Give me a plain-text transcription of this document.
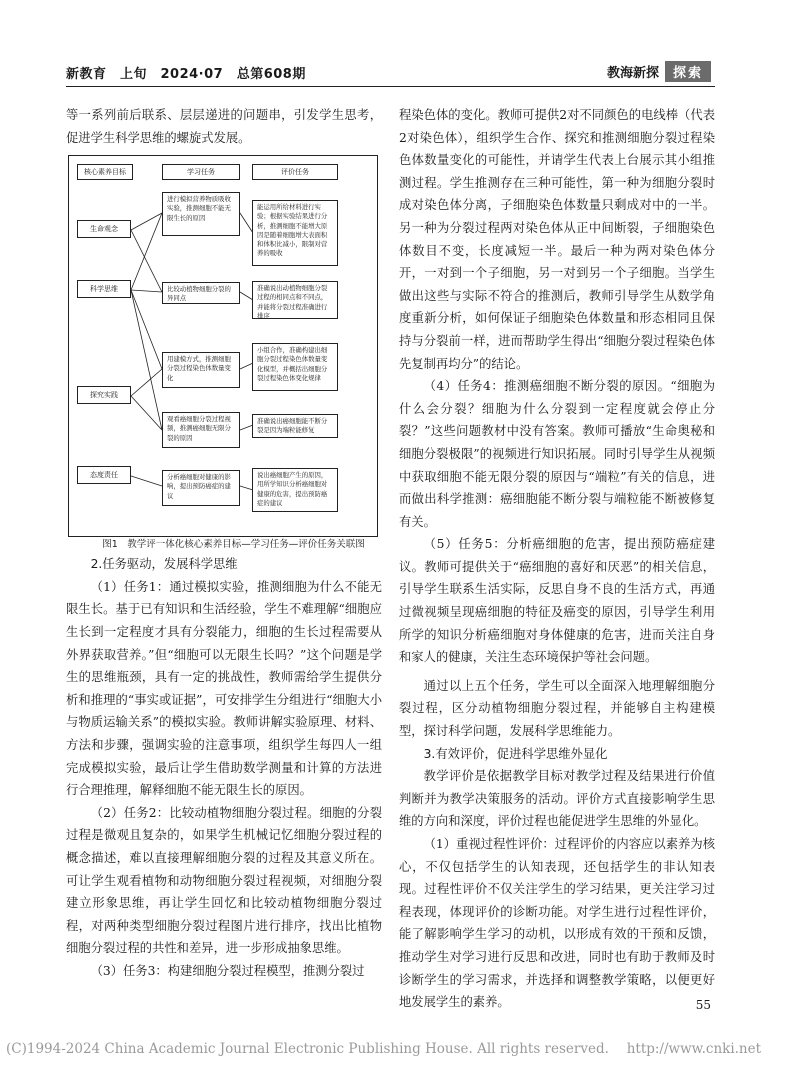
新教育　上旬　2024·07　总第608期	教海新探	探索

等一系列前后联系、层层递进的问题串，引发学生思考，促进学生科学思维的螺旋式发展。

核心素养目标	学习任务	评价任务
生命观念
科学思维
探究实践
态度责任
进行模拟营养物质吸收实验，推测细胞不能无限生长的原因
比较动植物细胞分裂的异同点
用建模方式，推测细胞分裂过程染色体数量变化
观看癌细胞分裂过程视频，推测癌细胞无限分裂的原因
分析癌细胞对健康的影响，提出预防癌症的建议
能运用所给材料进行实验；根据实验结果进行分析，推测细胞不能增大原因是随着细胞增大表面积和体积比减小，限制对营养的吸收
准确说出动植物细胞分裂过程的相同点和不同点，并能将分裂过程准确进行排序
小组合作，准确构建出细胞分裂过程染色体数量变化模型，并概括出细胞分裂过程染色体变化规律
准确说出癌细胞能不断分裂是因为端粒能修复
说出癌细胞产生的原因，用所学知识分析癌细胞对健康的危害，提出预防癌症的建议

图1　教学评一体化核心素养目标—学习任务—评价任务关联图

2.任务驱动，发展科学思维

（1）任务1：通过模拟实验，推测细胞为什么不能无限生长。基于已有知识和生活经验，学生不难理解“细胞应生长到一定程度才具有分裂能力，细胞的生长过程需要从外界获取营养。”但“细胞可以无限生长吗？”这个问题是学生的思维瓶颈，具有一定的挑战性，教师需给学生提供分析和推理的“事实或证据”，可安排学生分组进行“细胞大小与物质运输关系”的模拟实验。教师讲解实验原理、材料、方法和步骤，强调实验的注意事项，组织学生每四人一组完成模拟实验，最后让学生借助数学测量和计算的方法进行合理推理，解释细胞不能无限生长的原因。

（2）任务2：比较动植物细胞分裂过程。细胞的分裂过程是微观且复杂的，如果学生机械记忆细胞分裂过程的概念描述，难以直接理解细胞分裂的过程及其意义所在。可让学生观看植物和动物细胞分裂过程视频，对细胞分裂建立形象思维，再让学生回忆和比较动植物细胞分裂过程，对两种类型细胞分裂过程图片进行排序，找出比植物细胞分裂过程的共性和差异，进一步形成抽象思维。

（3）任务3：构建细胞分裂过程模型，推测分裂过

程染色体的变化。教师可提供2对不同颜色的电线棒（代表2对染色体），组织学生合作、探究和推测细胞分裂过程染色体数量变化的可能性，并请学生代表上台展示其小组推测过程。学生推测存在三种可能性，第一种为细胞分裂时成对染色体分离，子细胞染色体数量只剩成对中的一半。另一种为分裂过程两对染色体从正中间断裂，子细胞染色体数目不变，长度减短一半。最后一种为两对染色体分开，一对到一个子细胞，另一对到另一个子细胞。当学生做出这些与实际不符合的推测后，教师引导学生从数学角度重新分析，如何保证子细胞染色体数量和形态相同且保持与分裂前一样，进而帮助学生得出“细胞分裂过程染色体先复制再均分”的结论。

（4）任务4：推测癌细胞不断分裂的原因。“细胞为什么会分裂？细胞为什么分裂到一定程度就会停止分裂？”这些问题教材中没有答案。教师可播放“生命奥秘和细胞分裂极限”的视频进行知识拓展。同时引导学生从视频中获取细胞不能无限分裂的原因与“端粒”有关的信息，进而做出科学推测：癌细胞能不断分裂与端粒能不断被修复有关。

（5）任务5：分析癌细胞的危害，提出预防癌症建议。教师可提供关于“癌细胞的喜好和厌恶”的相关信息，引导学生联系生活实际，反思自身不良的生活方式，再通过微视频呈现癌细胞的特征及癌变的原因，引导学生利用所学的知识分析癌细胞对身体健康的危害，进而关注自身和家人的健康，关注生态环境保护等社会问题。

通过以上五个任务，学生可以全面深入地理解细胞分裂过程，区分动植物细胞分裂过程，并能够自主构建模型，探讨科学问题，发展科学思维能力。

3.有效评价，促进科学思维外显化

教学评价是依据教学目标对教学过程及结果进行价值判断并为教学决策服务的活动。评价方式直接影响学生思维的方向和深度，评价过程也能促进学生思维的外显化。

（1）重视过程性评价：过程评价的内容应以素养为核心，不仅包括学生的认知表现，还包括学生的非认知表现。过程性评价不仅关注学生的学习结果，更关注学习过程表现，体现评价的诊断功能。对学生进行过程性评价，能了解影响学生学习的动机，以形成有效的干预和反馈，推动学生对学习进行反思和改进，同时也有助于教师及时诊断学生的学习需求，并选择和调整教学策略，以便更好地发展学生的素养。	55
(C)1994-2024 China Academic Journal Electronic Publishing House. All rights reserved.　 http://www.cnki.net
